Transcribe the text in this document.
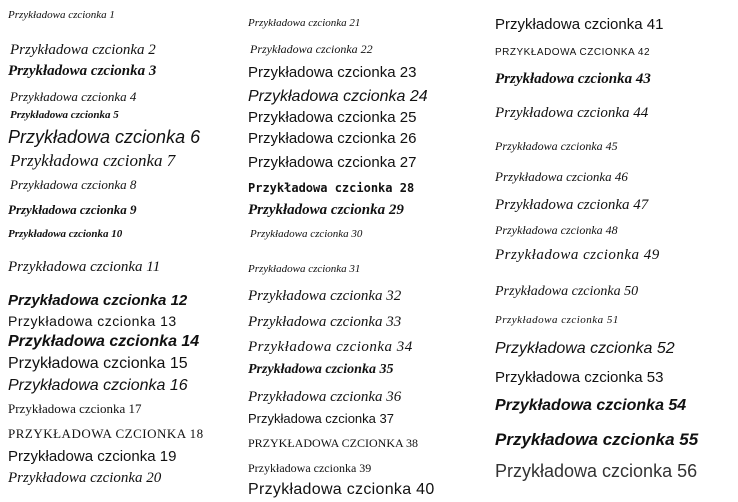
Przykładowa czcionka 1
Przykładowa czcionka 2
Przykładowa czcionka 3
Przykładowa czcionka 4
Przykładowa czcionka 5
Przykładowa czcionka 6
Przykładowa czcionka 7
Przykładowa czcionka 8
Przykładowa czcionka 9
Przykładowa czcionka 10
Przykładowa czcionka 11
Przykładowa czcionka 12
Przykładowa czcionka 13
Przykładowa czcionka 14
Przykładowa czcionka 15
Przykładowa czcionka 16
Przykładowa czcionka 17
PRZYKŁADOWA CZCIONKA 18
Przykładowa czcionka 19
Przykładowa czcionka 20
Przykładowa czcionka 21
Przykładowa czcionka 22
Przykładowa czcionka 23
Przykładowa czcionka 24
Przykładowa czcionka 25
Przykładowa czcionka 26
Przykładowa czcionka 27
Przykładowa czcionka 28
Przykładowa czcionka 29
Przykładowa czcionka 30
Przykładowa czcionka 31
Przykładowa czcionka 32
Przykładowa czcionka 33
Przykładowa czcionka 34
Przykładowa czcionka 35
Przykładowa czcionka 36
Przykładowa czcionka 37
PRZYKŁADOWA CZCIONKA 38
Przykładowa czcionka 39
Przykładowa czcionka 40
Przykładowa czcionka 41
PRZYKŁADOWA CZCIONKA 42
Przykładowa czcionka 43
Przykładowa czcionka 44
Przykładowa czcionka 45
Przykładowa czcionka 46
Przykładowa czcionka 47
Przykładowa czcionka 48
Przykładowa czcionka 49
Przykładowa czcionka 50
Przykładowa czcionka 51
Przykładowa czcionka 52
Przykładowa czcionka 53
Przykładowa czcionka 54
Przykładowa czcionka 55
Przykładowa czcionka 56
